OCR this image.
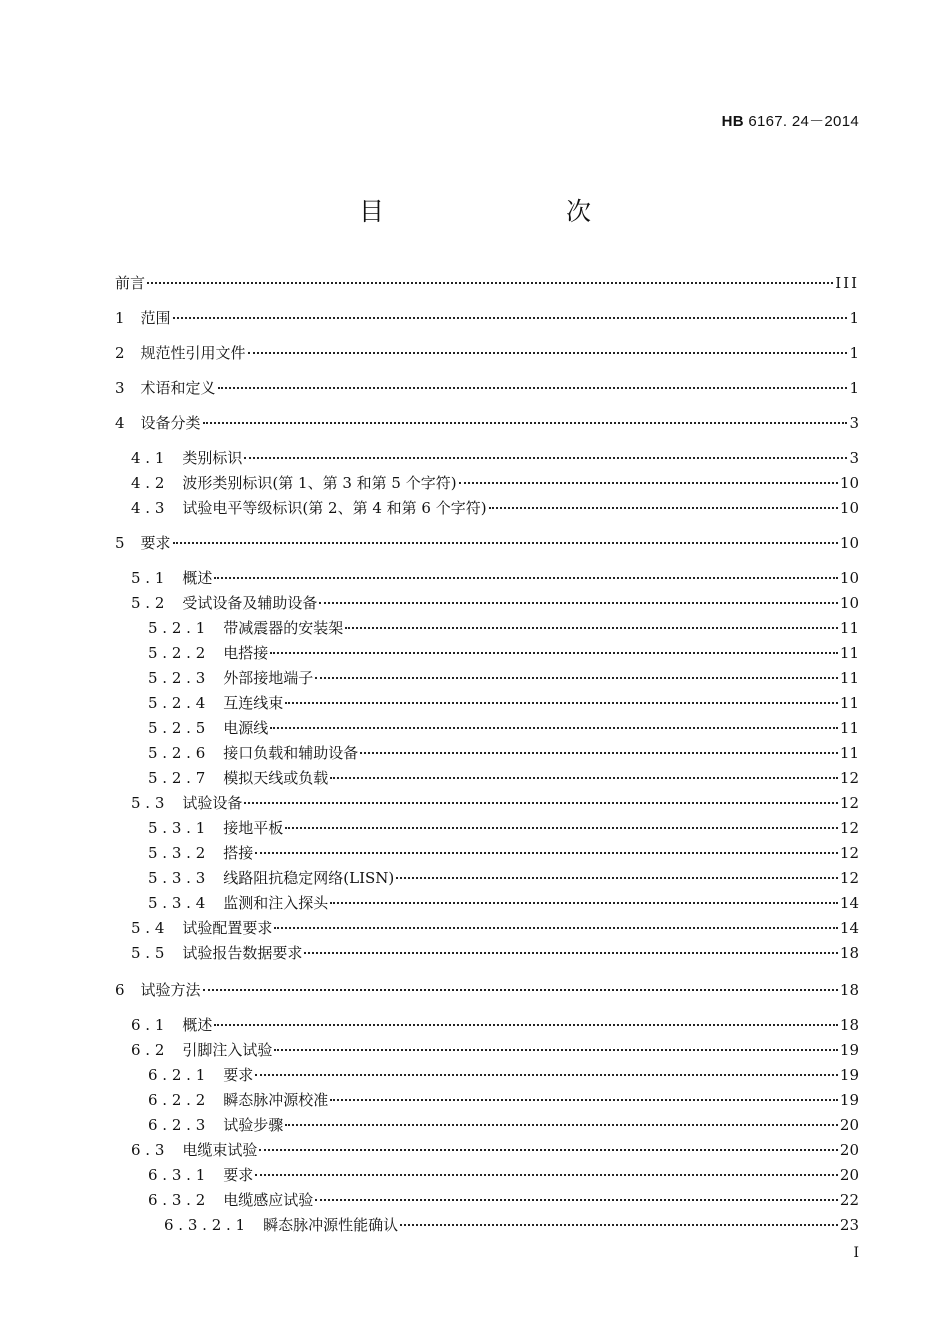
HB 6167. 24－2014
目　　次
前言	III
1 范围	1
2 规范性引用文件	1
3 术语和定义	1
4 设备分类	3
4 . 1 类别标识	3
4 . 2 波形类别标识(第 1、第 3 和第 5 个字符)	10
4 . 3 试验电平等级标识(第 2、第 4 和第 6 个字符)	10
5 要求	10
5 . 1 概述	10
5 . 2 受试设备及辅助设备	10
5 . 2 . 1 带减震器的安装架	11
5 . 2 . 2 电搭接	11
5 . 2 . 3 外部接地端子	11
5 . 2 . 4 互连线束	11
5 . 2 . 5 电源线	11
5 . 2 . 6 接口负载和辅助设备	11
5 . 2 . 7 模拟天线或负载	12
5 . 3 试验设备	12
5 . 3 . 1 接地平板	12
5 . 3 . 2 搭接	12
5 . 3 . 3 线路阻抗稳定网络(LISN)	12
5 . 3 . 4 监测和注入探头	14
5 . 4 试验配置要求	14
5 . 5 试验报告数据要求	18
6 试验方法	18
6 . 1 概述	18
6 . 2 引脚注入试验	19
6 . 2 . 1 要求	19
6 . 2 . 2 瞬态脉冲源校准	19
6 . 2 . 3 试验步骤	20
6 . 3 电缆束试验	20
6 . 3 . 1 要求	20
6 . 3 . 2 电缆感应试验	22
6 . 3 . 2 . 1 瞬态脉冲源性能确认	23
I
